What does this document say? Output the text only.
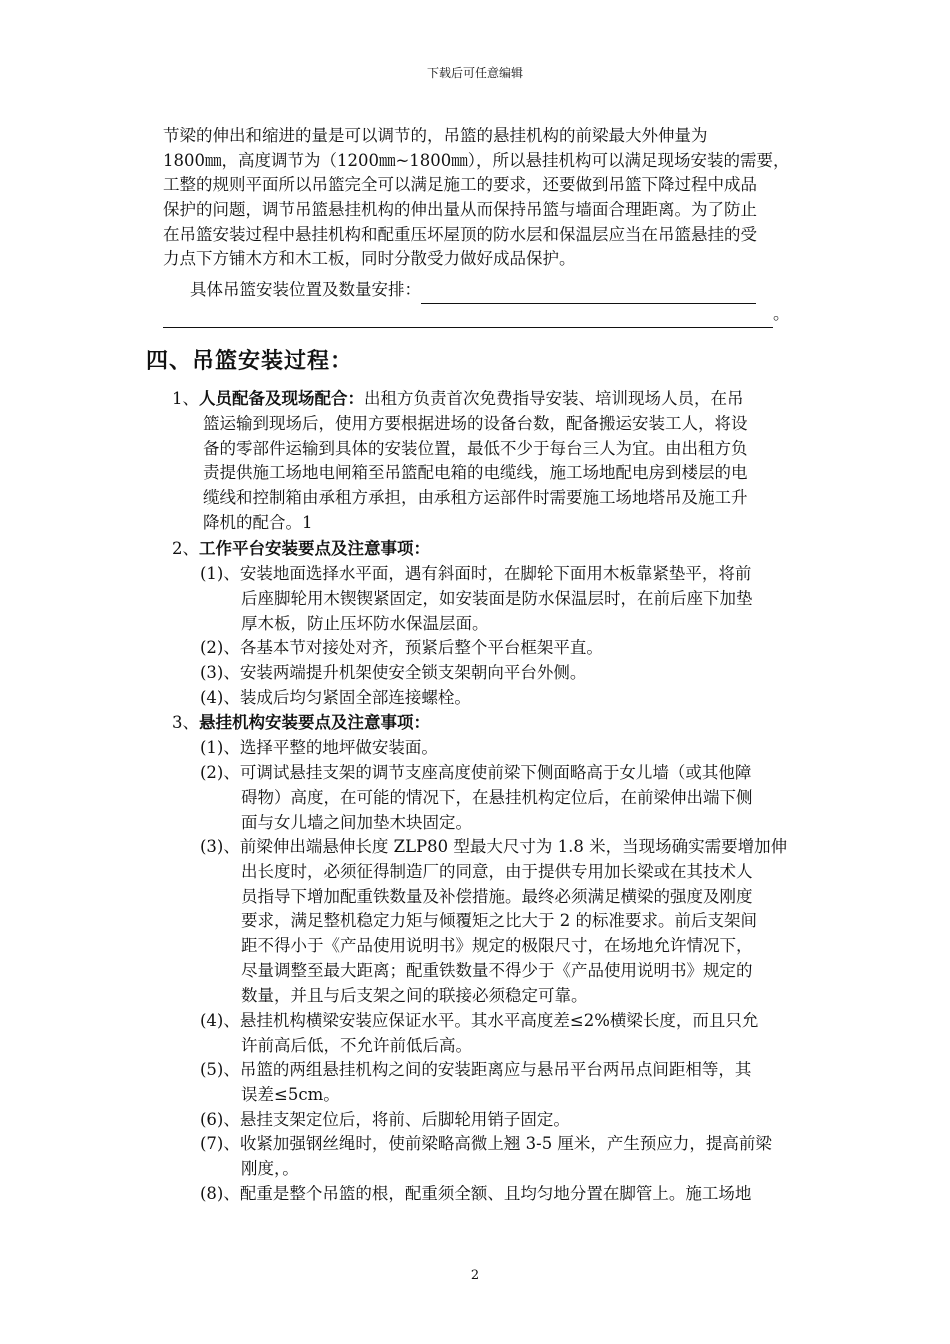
下载后可任意编辑
节梁的伸出和缩进的量是可以调节的，吊篮的悬挂机构的前梁最大外伸量为
1800㎜，高度调节为（1200㎜~1800㎜），所以悬挂机构可以满足现场安装的需要，
工整的规则平面所以吊篮完全可以满足施工的要求，还要做到吊篮下降过程中成品
保护的问题，调节吊篮悬挂机构的伸出量从而保持吊篮与墙面合理距离。为了防止
在吊篮安装过程中悬挂机构和配重压坏屋顶的防水层和保温层应当在吊篮悬挂的受
力点下方铺木方和木工板，同时分散受力做好成品保护。
具体吊篮安装位置及数量安排：
。
四、吊篮安装过程：
1、人员配备及现场配合：出租方负责首次免费指导安装、培训现场人员，在吊
篮运输到现场后，使用方要根据进场的设备台数，配备搬运安装工人，将设
备的零部件运输到具体的安装位置，最低不少于每台三人为宜。由出租方负
责提供施工场地电闸箱至吊篮配电箱的电缆线，施工场地配电房到楼层的电
缆线和控制箱由承租方承担，由承租方运部件时需要施工场地塔吊及施工升
降机的配合。1
2、工作平台安装要点及注意事项：
(1)、安装地面选择水平面，遇有斜面时，在脚轮下面用木板靠紧垫平，将前
后座脚轮用木锲锲紧固定，如安装面是防水保温层时，在前后座下加垫
厚木板，防止压坏防水保温层面。
(2)、各基本节对接处对齐，预紧后整个平台框架平直。
(3)、安装两端提升机架使安全锁支架朝向平台外侧。
(4)、装成后均匀紧固全部连接螺栓。
3、悬挂机构安装要点及注意事项：
(1)、选择平整的地坪做安装面。
(2)、可调试悬挂支架的调节支座高度使前梁下侧面略高于女儿墙（或其他障
碍物）高度，在可能的情况下，在悬挂机构定位后，在前梁伸出端下侧
面与女儿墙之间加垫木块固定。
(3)、前梁伸出端悬伸长度 ZLP80 型最大尺寸为 1.8 米，当现场确实需要增加伸
出长度时，必须征得制造厂的同意，由于提供专用加长梁或在其技术人
员指导下增加配重铁数量及补偿措施。最终必须满足横梁的强度及刚度
要求，满足整机稳定力矩与倾覆矩之比大于 2 的标准要求。前后支架间
距不得小于《产品使用说明书》规定的极限尺寸，在场地允许情况下，
尽量调整至最大距离；配重铁数量不得少于《产品使用说明书》规定的
数量，并且与后支架之间的联接必须稳定可靠。
(4)、悬挂机构横梁安装应保证水平。其水平高度差≤2%横梁长度，而且只允
许前高后低，不允许前低后高。
(5)、吊篮的两组悬挂机构之间的安装距离应与悬吊平台两吊点间距相等，其
误差≤5cm。
(6)、悬挂支架定位后，将前、后脚轮用销子固定。
(7)、收紧加强钢丝绳时，使前梁略高微上翘 3-5 厘米，产生预应力，提高前梁
刚度，。
(8)、配重是整个吊篮的根，配重须全额、且均匀地分置在脚管上。施工场地
2
